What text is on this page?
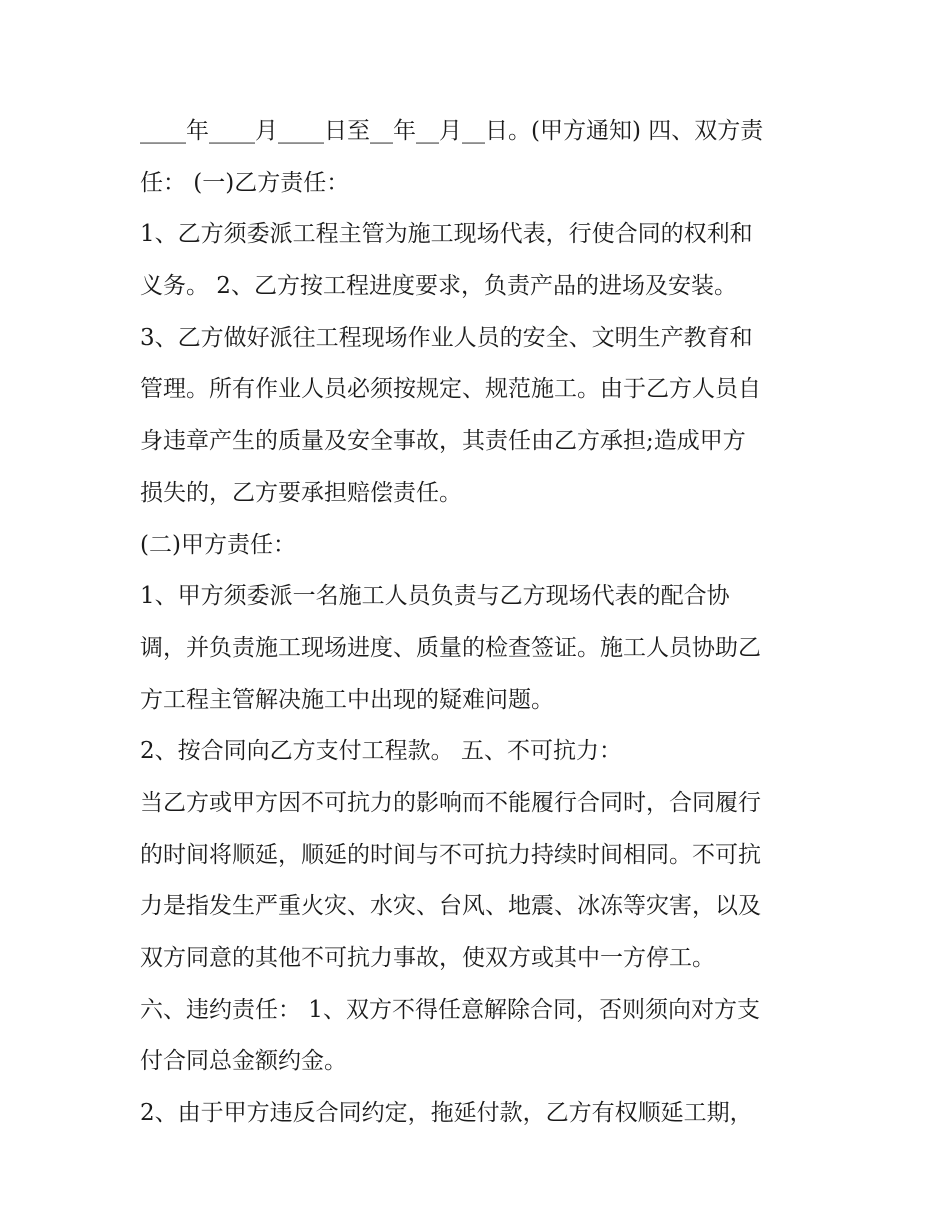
____年____月____日至__年__月__日。(甲方通知) 四、双方责
任： (一)乙方责任：
1、乙方须委派工程主管为施工现场代表，行使合同的权利和
义务。 2、乙方按工程进度要求，负责产品的进场及安装。
3、乙方做好派往工程现场作业人员的安全、文明生产教育和
管理。所有作业人员必须按规定、规范施工。由于乙方人员自
身违章产生的质量及安全事故，其责任由乙方承担;造成甲方
损失的，乙方要承担赔偿责任。
(二)甲方责任：
1、甲方须委派一名施工人员负责与乙方现场代表的配合协
调，并负责施工现场进度、质量的检查签证。施工人员协助乙
方工程主管解决施工中出现的疑难问题。
2、按合同向乙方支付工程款。 五、不可抗力：
当乙方或甲方因不可抗力的影响而不能履行合同时，合同履行
的时间将顺延，顺延的时间与不可抗力持续时间相同。不可抗
力是指发生严重火灾、水灾、台风、地震、冰冻等灾害，以及
双方同意的其他不可抗力事故，使双方或其中一方停工。
六、违约责任： 1、双方不得任意解除合同，否则须向对方支
付合同总金额约金。
2、由于甲方违反合同约定，拖延付款，乙方有权顺延工期，
